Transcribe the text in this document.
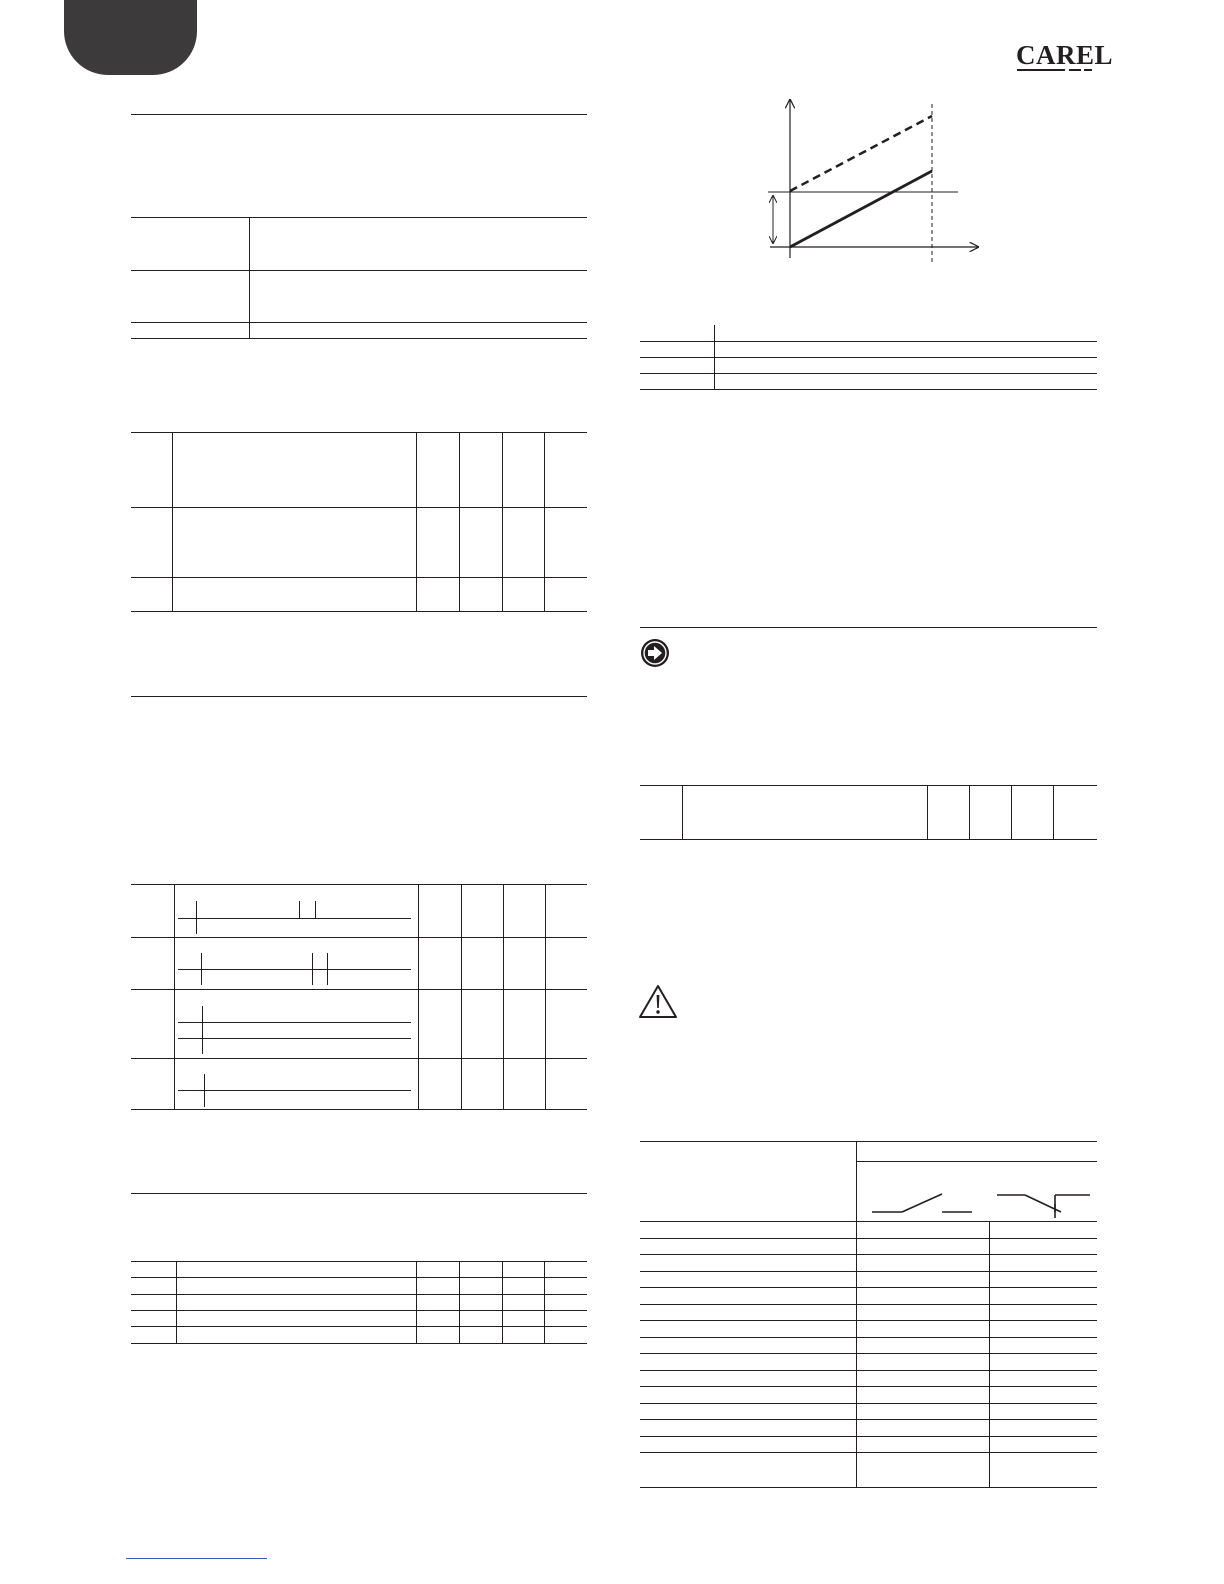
CAREL
